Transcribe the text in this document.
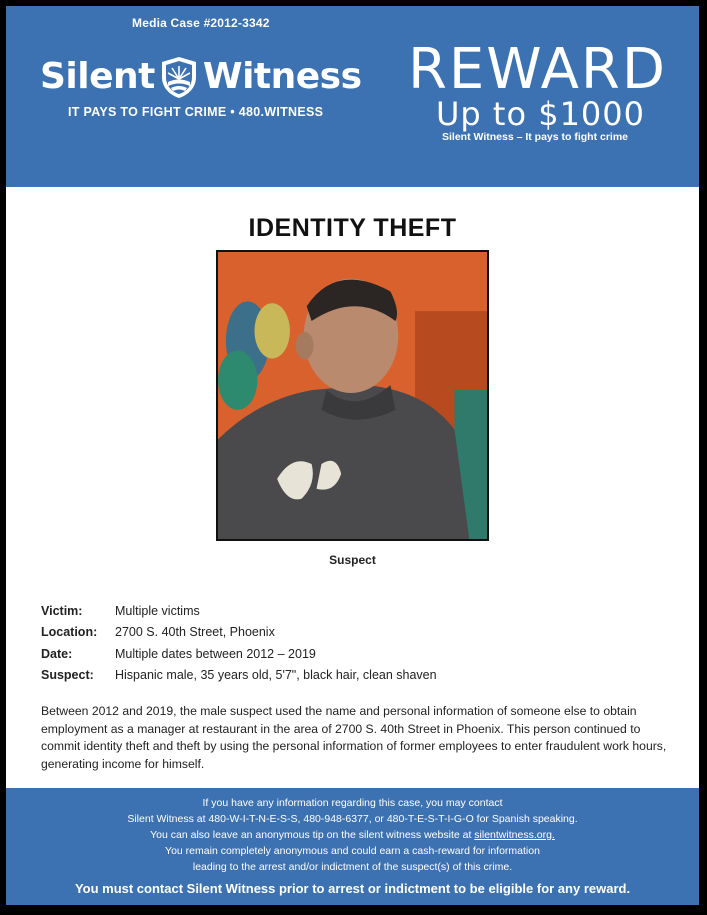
Media Case #2012-3342
Silent Witness
IT PAYS TO FIGHT CRIME • 480.WITNESS
REWARD
Up to $1000
Silent Witness – It pays to fight crime
IDENTITY THEFT
Suspect
Victim:	Multiple victims
Location:	2700 S. 40th Street, Phoenix
Date:	Multiple dates between 2012 – 2019
Suspect:	Hispanic male, 35 years old, 5'7", black hair, clean shaven
Between 2012 and 2019, the male suspect used the name and personal information of someone else to obtain employment as a manager at restaurant in the area of 2700 S. 40th Street in Phoenix. This person continued to commit identity theft and theft by using the personal information of former employees to enter fraudulent work hours, generating income for himself.
If you have any information regarding this case, you may contact
Silent Witness at 480-W-I-T-N-E-S-S, 480-948-6377, or 480-T-E-S-T-I-G-O for Spanish speaking.
You can also leave an anonymous tip on the silent witness website at silentwitness.org.
You remain completely anonymous and could earn a cash-reward for information
leading to the arrest and/or indictment of the suspect(s) of this crime.
You must contact Silent Witness prior to arrest or indictment to be eligible for any reward.
